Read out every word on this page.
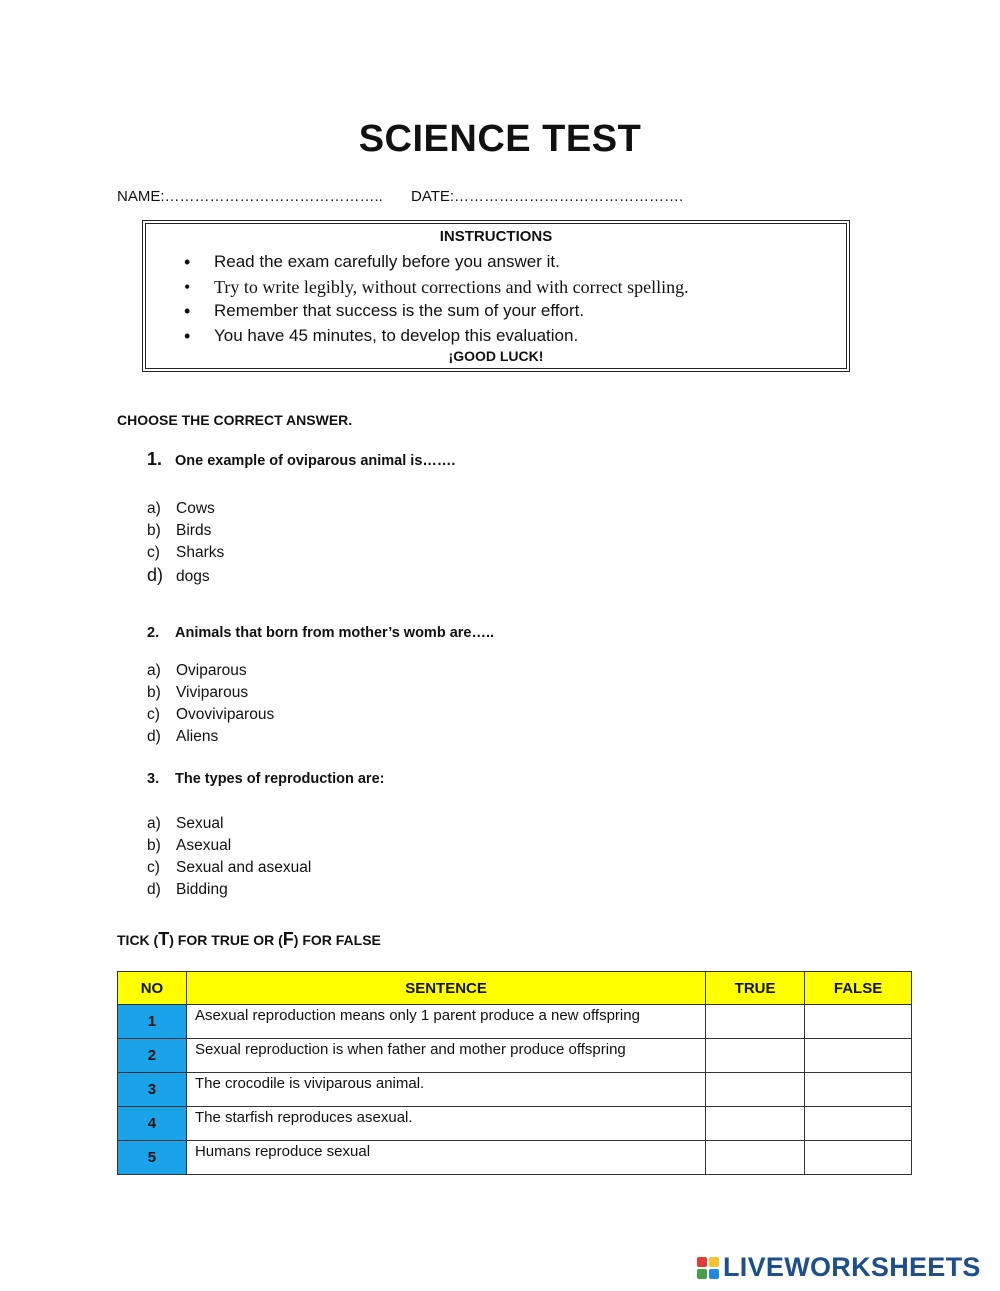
SCIENCE TEST
NAME:…………………………………….. DATE:……………………………………….
INSTRUCTIONS
• Read the exam carefully before you answer it.
• Try to write legibly, without corrections and with correct spelling.
• Remember that success is the sum of your effort.
• You have 45 minutes, to develop this evaluation.
¡GOOD LUCK!
CHOOSE THE CORRECT ANSWER.
1. One example of oviparous animal is…….
a) Cows
b) Birds
c) Sharks
d) dogs
2. Animals that born from mother’s womb are…..
a) Oviparous
b) Viviparous
c) Ovoviviparous
d) Aliens
3. The types of reproduction are:
a) Sexual
b) Asexual
c) Sexual and asexual
d) Bidding
TICK (T) FOR TRUE OR (F) FOR FALSE
NO	SENTENCE	TRUE	FALSE
1	Asexual reproduction means only 1 parent produce a new offspring		
2	Sexual reproduction is when father and mother produce offspring		
3	The crocodile is viviparous animal.		
4	The starfish reproduces asexual.		
5	Humans reproduce sexual		
LIVEWORKSHEETS
